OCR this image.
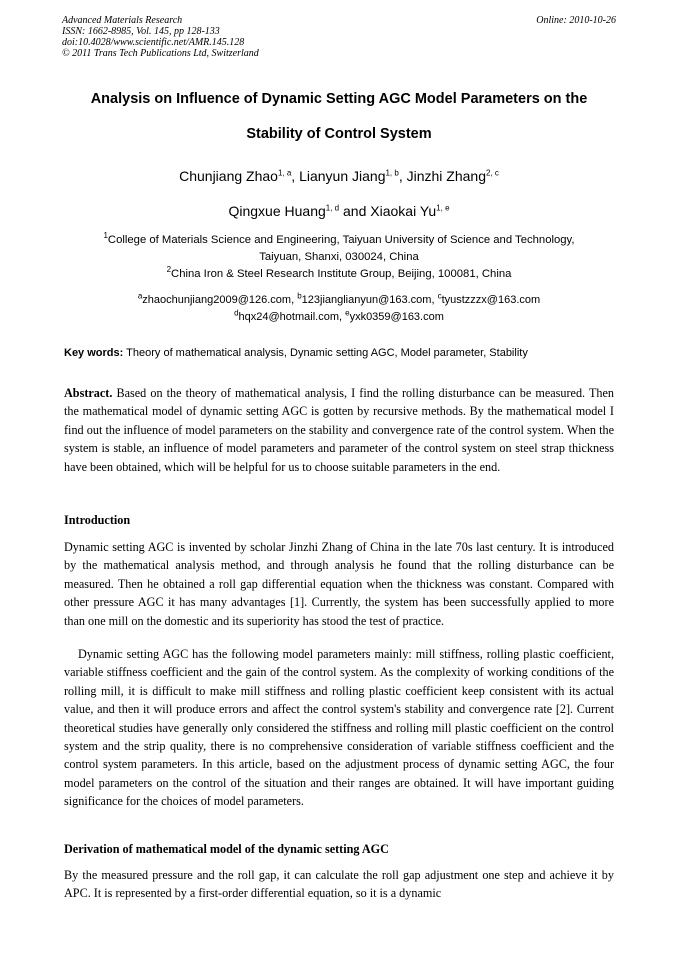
Advanced Materials Research
ISSN: 1662-8985, Vol. 145, pp 128-133
doi:10.4028/www.scientific.net/AMR.145.128
© 2011 Trans Tech Publications Ltd, Switzerland
Online: 2010-10-26
Analysis on Influence of Dynamic Setting AGC Model Parameters on the
Stability of Control System
Chunjiang Zhao$^{1, a}$, Lianyun Jiang$^{1, b}$, Jinzhi Zhang$^{2, c}$
Qingxue Huang$^{1, d}$ and Xiaokai Yu$^{1, e}$
$^1$College of Materials Science and Engineering, Taiyuan University of Science and Technology,
Taiyuan, Shanxi, 030024, China
$^2$China Iron & Steel Research Institute Group, Beijing, 100081, China
$^a$zhaochunjiang2009@126.com, $^b$123jianglianyun@163.com, $^c$tyustzzzx@163.com
$^d$hqx24@hotmail.com, $^e$yxk0359@163.com
Key words: Theory of mathematical analysis, Dynamic setting AGC, Model parameter, Stability
Abstract. Based on the theory of mathematical analysis, I find the rolling disturbance can be measured. Then the mathematical model of dynamic setting AGC is gotten by recursive methods. By the mathematical model I find out the influence of model parameters on the stability and convergence rate of the control system. When the system is stable, an influence of model parameters and parameter of the control system on steel strap thickness have been obtained, which will be helpful for us to choose suitable parameters in the end.
Introduction
Dynamic setting AGC is invented by scholar Jinzhi Zhang of China in the late 70s last century. It is introduced by the mathematical analysis method, and through analysis he found that the rolling disturbance can be measured. Then he obtained a roll gap differential equation when the thickness was constant. Compared with other pressure AGC it has many advantages [1]. Currently, the system has been successfully applied to more than one mill on the domestic and its superiority has stood the test of practice.
Dynamic setting AGC has the following model parameters mainly: mill stiffness, rolling plastic coefficient, variable stiffness coefficient and the gain of the control system. As the complexity of working conditions of the rolling mill, it is difficult to make mill stiffness and rolling plastic coefficient keep consistent with its actual value, and then it will produce errors and affect the control system's stability and convergence rate [2]. Current theoretical studies have generally only considered the stiffness and rolling mill plastic coefficient on the control system and the strip quality, there is no comprehensive consideration of variable stiffness coefficient and the control system parameters. In this article, based on the adjustment process of dynamic setting AGC, the four model parameters on the control of the situation and their ranges are obtained. It will have important guiding significance for the choices of model parameters.
Derivation of mathematical model of the dynamic setting AGC
By the measured pressure and the roll gap, it can calculate the roll gap adjustment one step and achieve it by APC. It is represented by a first-order differential equation, so it is a dynamic
